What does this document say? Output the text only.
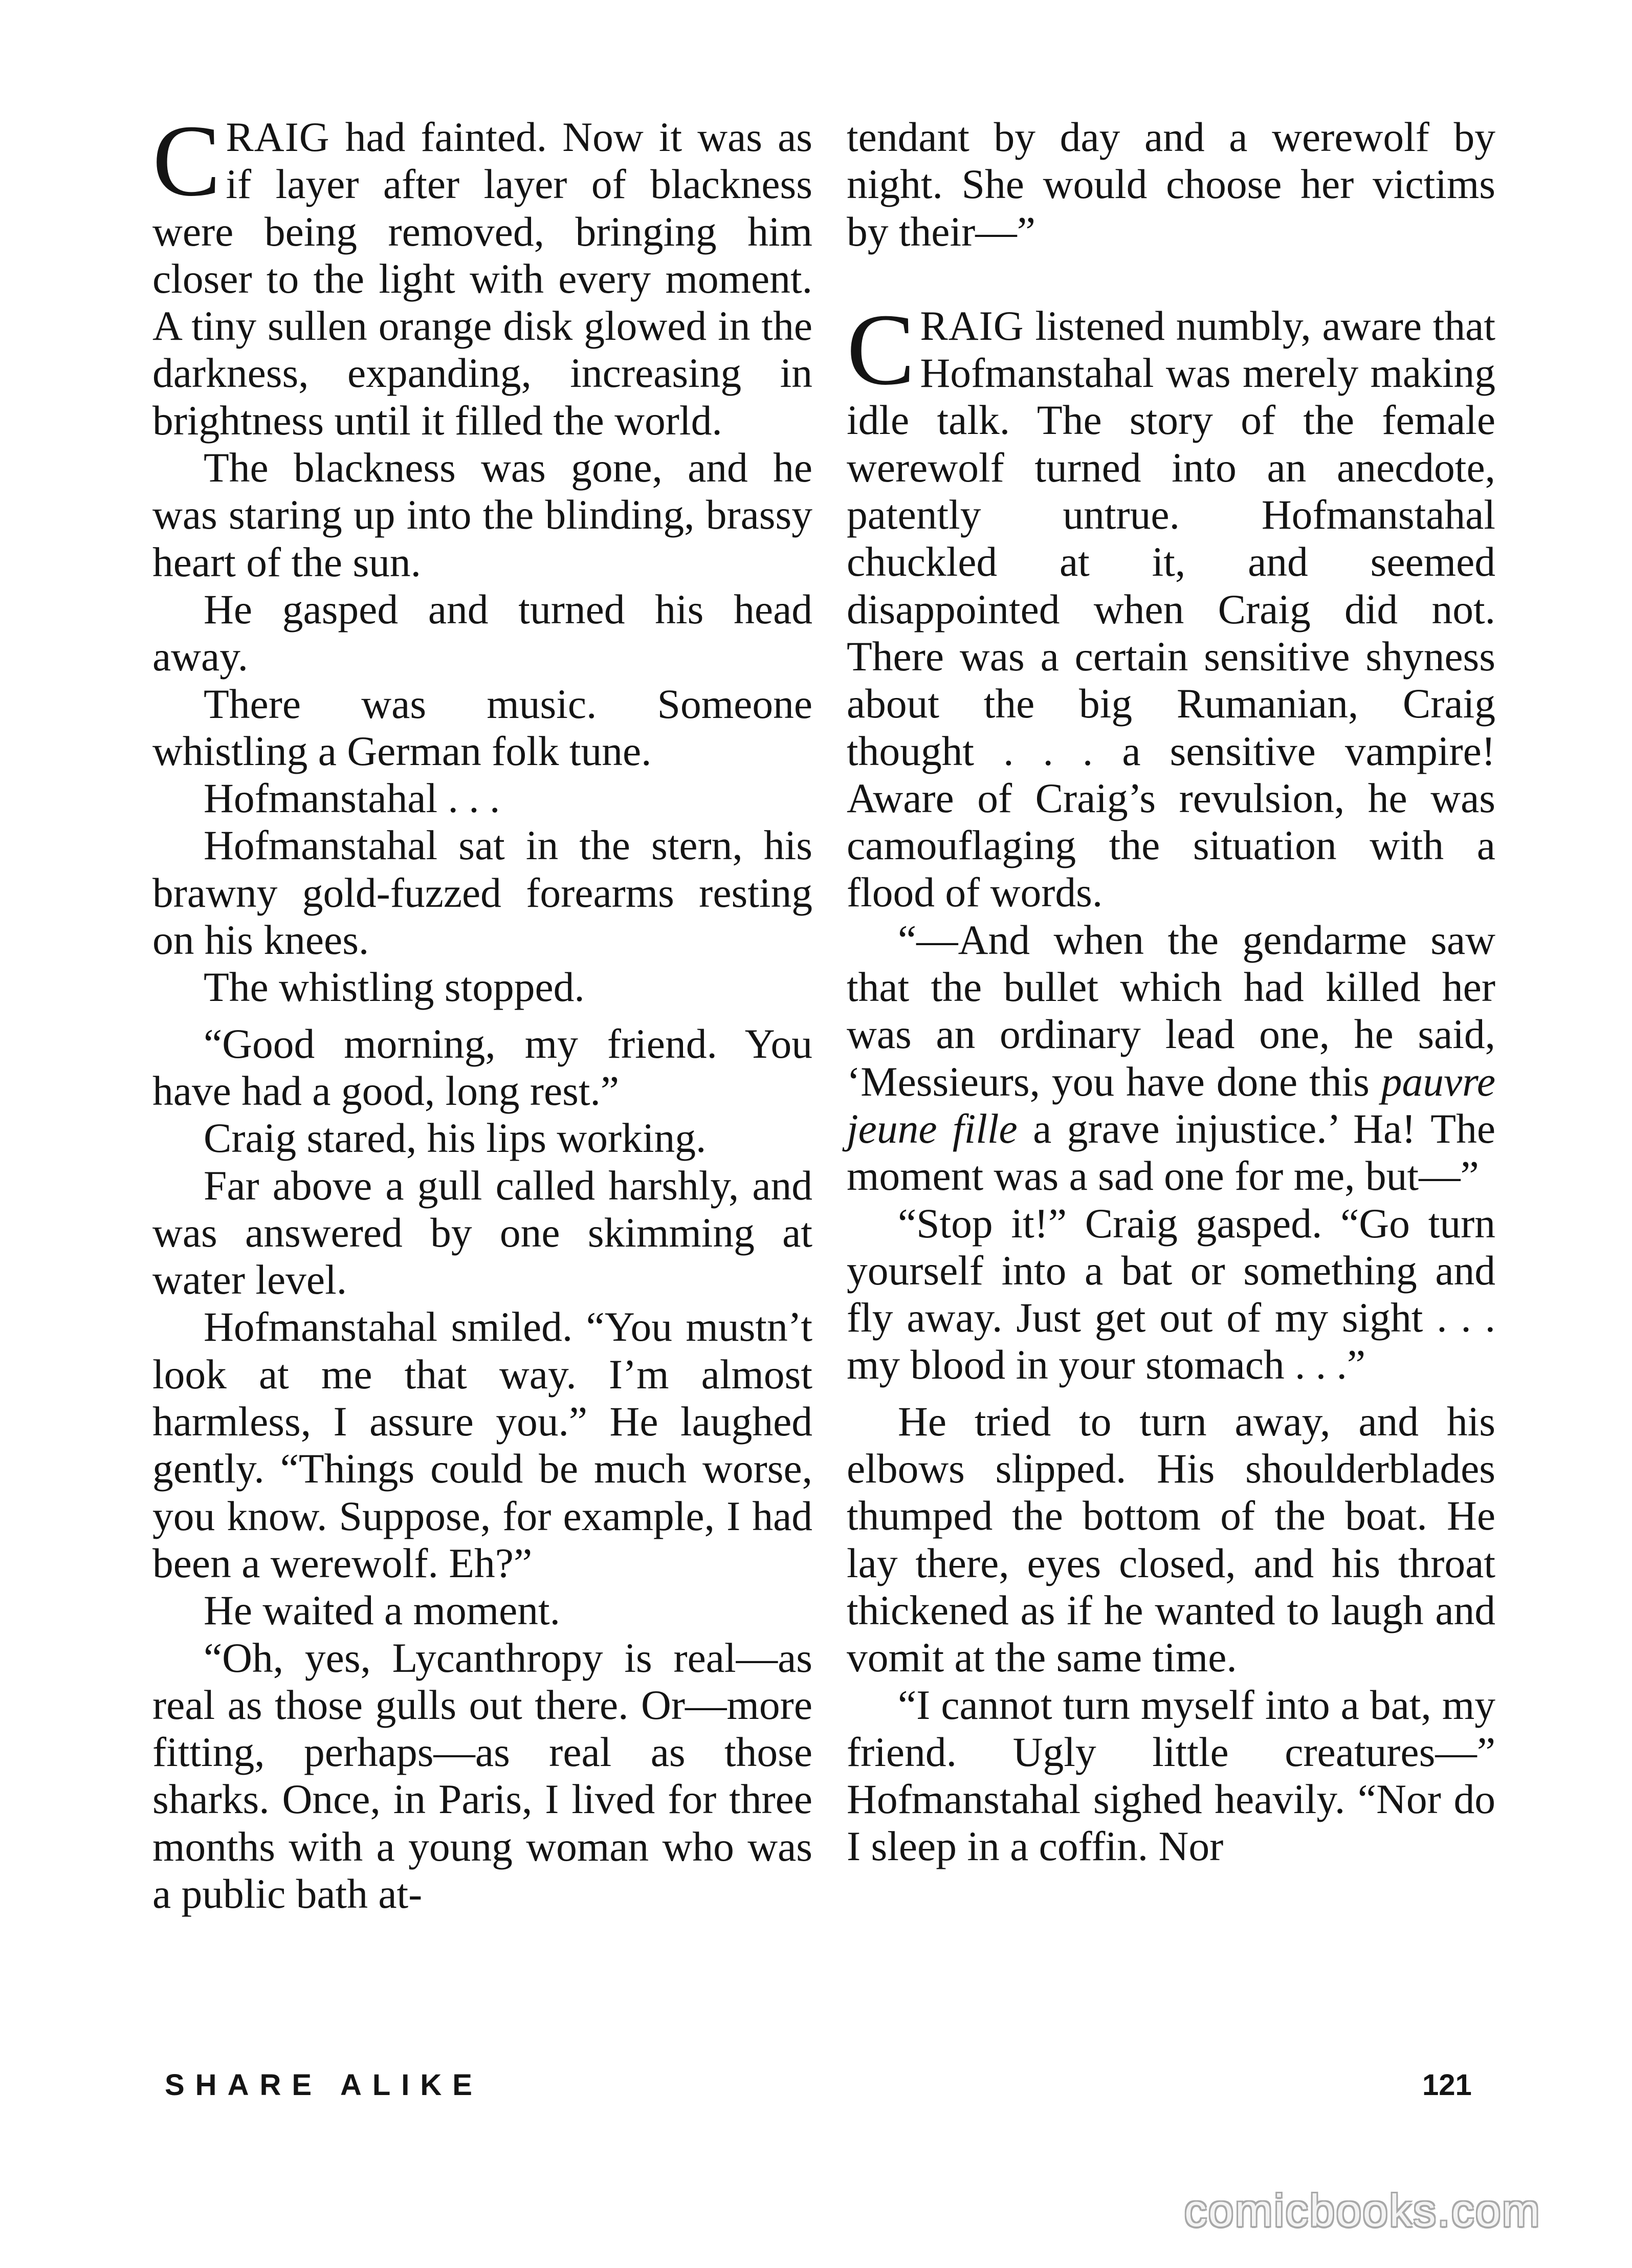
CRAIG had fainted. Now it was as if layer after layer of blackness were being removed, bringing him closer to the light with every moment. A tiny sullen orange disk glowed in the darkness, expanding, increasing in brightness until it filled the world.

The blackness was gone, and he was staring up into the blinding, brassy heart of the sun.

He gasped and turned his head away.

There was music. Someone whistling a German folk tune.

Hofmanstahal . . .

Hofmanstahal sat in the stern, his brawny gold-fuzzed forearms resting on his knees.

The whistling stopped.

“Good morning, my friend. You have had a good, long rest.”

Craig stared, his lips working.

Far above a gull called harshly, and was answered by one skimming at water level.

Hofmanstahal smiled. “You mustn’t look at me that way. I’m almost harmless, I assure you.” He laughed gently. “Things could be much worse, you know. Suppose, for example, I had been a werewolf. Eh?”

He waited a moment.

“Oh, yes, Lycanthropy is real—as real as those gulls out there. Or—more fitting, perhaps—as real as those sharks. Once, in Paris, I lived for three months with a young woman who was a public bath at-

tendant by day and a werewolf by night. She would choose her victims by their—”

CRAIG listened numbly, aware that Hofmanstahal was merely making idle talk. The story of the female werewolf turned into an anecdote, patently untrue. Hofmanstahal chuckled at it, and seemed disappointed when Craig did not. There was a certain sensitive shyness about the big Rumanian, Craig thought . . . a sensitive vampire! Aware of Craig’s revulsion, he was camouflaging the situation with a flood of words.

“—And when the gendarme saw that the bullet which had killed her was an ordinary lead one, he said, ‘Messieurs, you have done this pauvre jeune fille a grave injustice.’ Ha! The moment was a sad one for me, but—”

“Stop it!” Craig gasped. “Go turn yourself into a bat or something and fly away. Just get out of my sight . . . my blood in your stomach . . .”

He tried to turn away, and his elbows slipped. His shoulderblades thumped the bottom of the boat. He lay there, eyes closed, and his throat thickened as if he wanted to laugh and vomit at the same time.

“I cannot turn myself into a bat, my friend. Ugly little creatures—” Hofmanstahal sighed heavily. “Nor do I sleep in a coffin. Nor

SHARE ALIKE	121
comicbooks.com
